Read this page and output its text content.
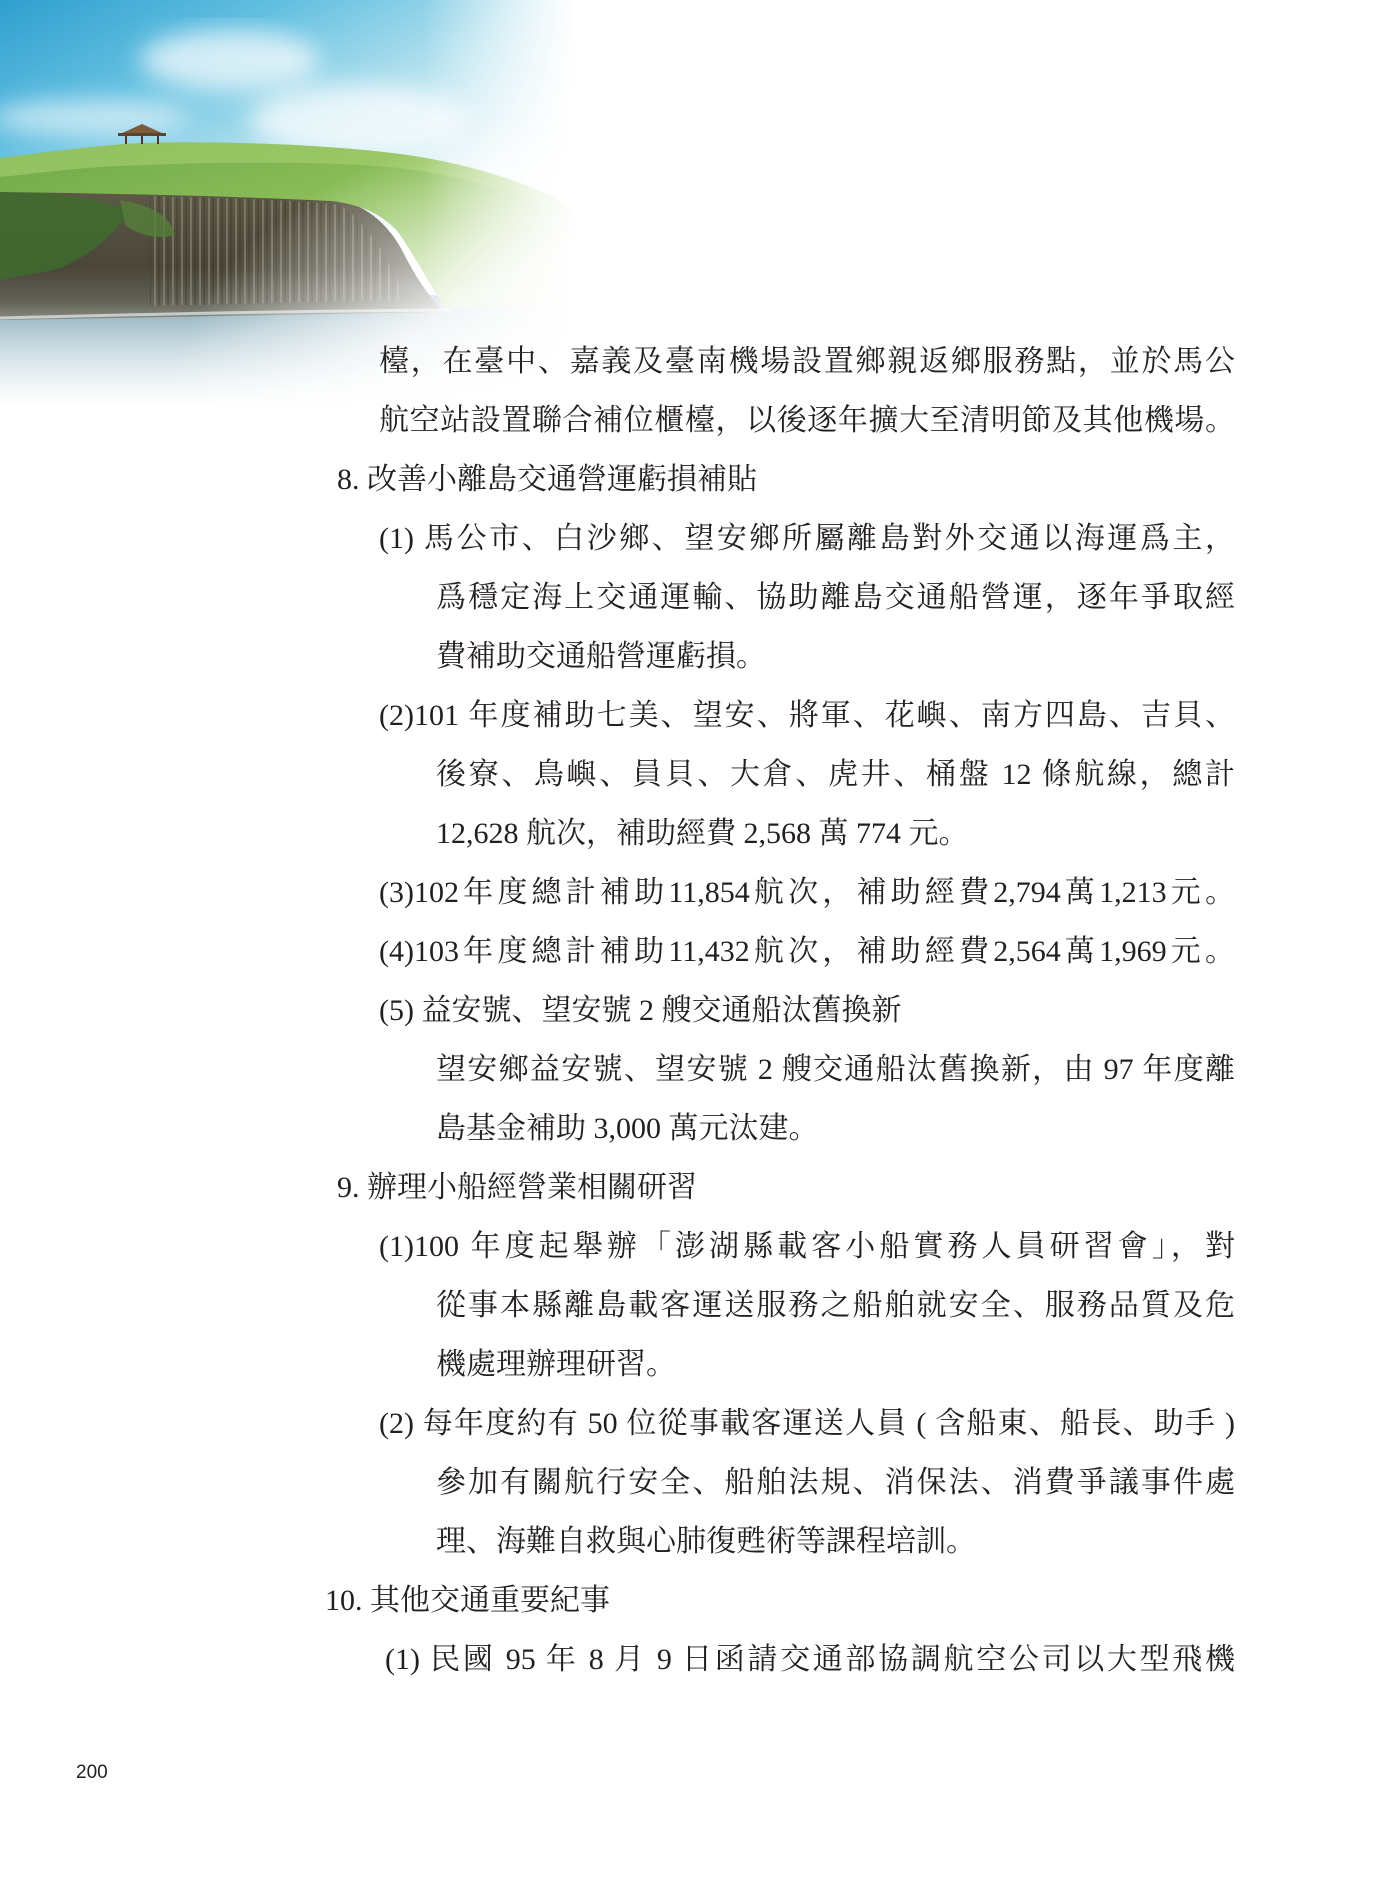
檯，在臺中、嘉義及臺南機場設置鄉親返鄉服務點，並於馬公
航空站設置聯合補位櫃檯，以後逐年擴大至清明節及其他機場。
8. 改善小離島交通營運虧損補貼
(1) 馬公市、白沙鄉、望安鄉所屬離島對外交通以海運爲主，
爲穩定海上交通運輸、協助離島交通船營運，逐年爭取經
費補助交通船營運虧損。
(2)101 年度補助七美、望安、將軍、花嶼、南方四島、吉貝、
後寮、鳥嶼、員貝、大倉、虎井、桶盤 12 條航線，總計
12,628 航次，補助經費 2,568 萬 774 元。
(3)102年度總計補助11,854航次，補助經費2,794萬1,213元。
(4)103年度總計補助11,432航次，補助經費2,564萬1,969元。
(5) 益安號、望安號 2 艘交通船汰舊換新
望安鄉益安號、望安號 2 艘交通船汰舊換新，由 97 年度離
島基金補助 3,000 萬元汰建。
9. 辦理小船經營業相關研習
(1)100 年度起舉辦「澎湖縣載客小船實務人員研習會」，對
從事本縣離島載客運送服務之船舶就安全、服務品質及危
機處理辦理研習。
(2) 每年度約有 50 位從事載客運送人員 ( 含船東、船長、助手 )
參加有關航行安全、船舶法規、消保法、消費爭議事件處
理、海難自救與心肺復甦術等課程培訓。
10. 其他交通重要紀事
(1) 民國 95 年 8 月 9 日函請交通部協調航空公司以大型飛機
200
